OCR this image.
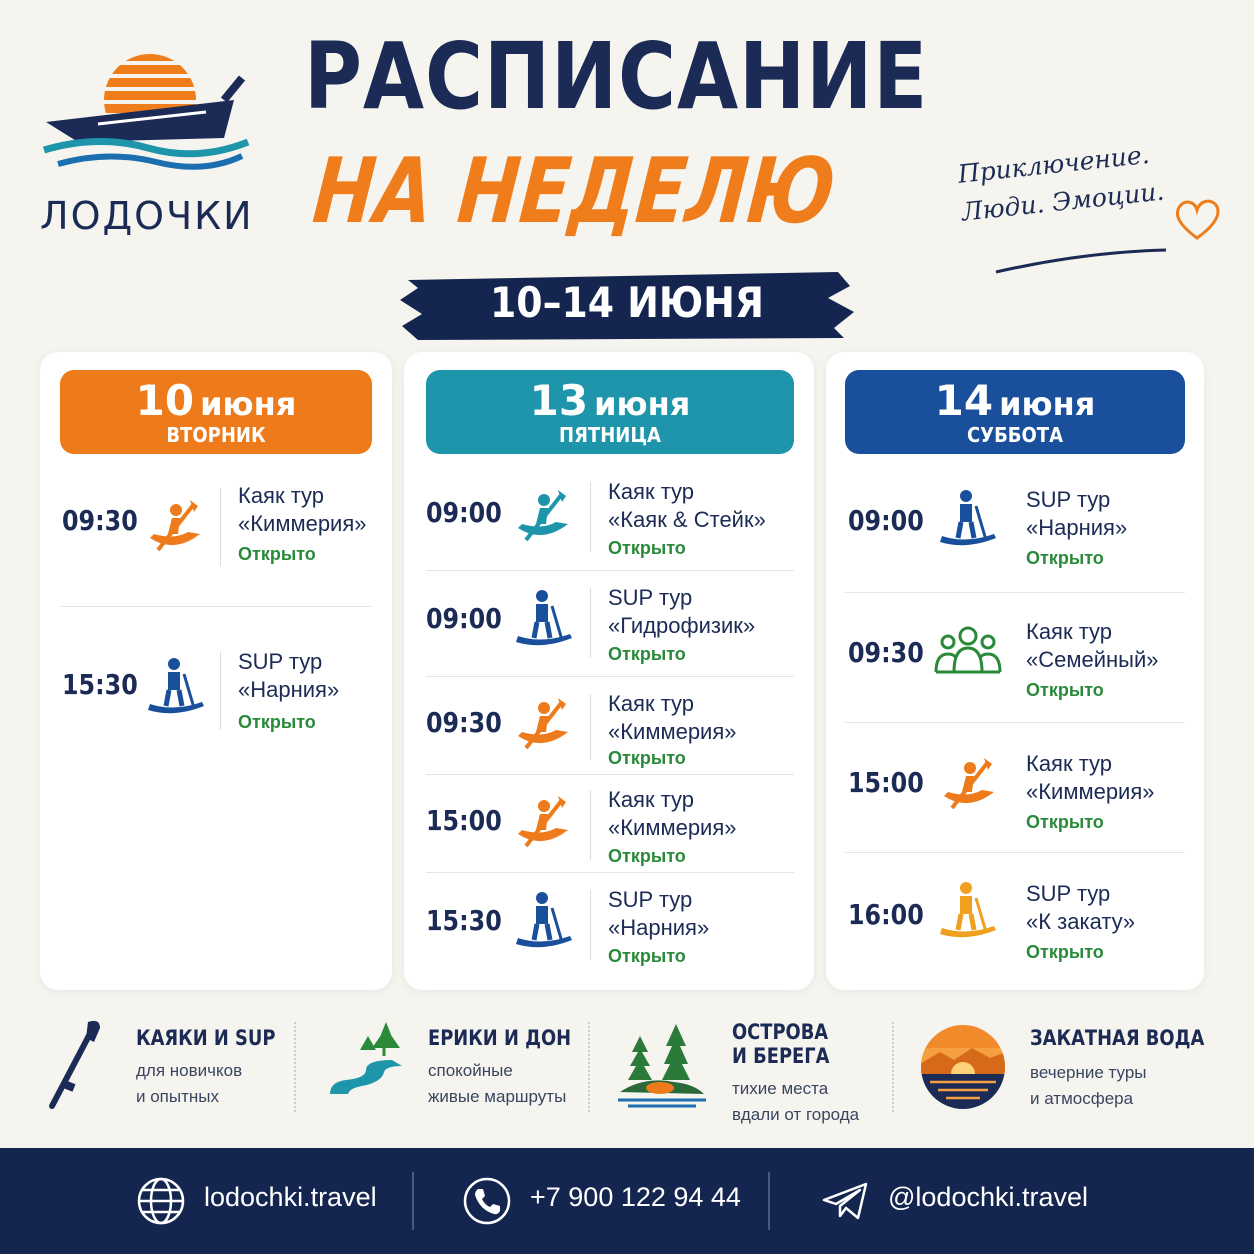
ЛОДОЧКИ
РАСПИСАНИЕ
НА НЕДЕЛЮ
10–14 ИЮНЯ
Приключение.
Люди. Эмоции.
10 июня
ВТОРНИК
09:30
Каяк тур
«Киммерия»
Открыто
15:30
SUP тур
«Нарния»
Открыто
13 июня
ПЯТНИЦА
09:00
Каяк тур
«Каяк & Стейк»
Открыто
09:00
SUP тур
«Гидрофизик»
Открыто
09:30
Каяк тур
«Киммерия»
Открыто
15:00
Каяк тур
«Киммерия»
Открыто
15:30
SUP тур
«Нарния»
Открыто
14 июня
СУББОТА
09:00
SUP тур
«Нарния»
Открыто
09:30
Каяк тур
«Семейный»
Открыто
15:00
Каяк тур
«Киммерия»
Открыто
16:00
SUP тур
«К закату»
Открыто
КАЯКИ И SUP
для новичков
и опытных
ЕРИКИ И ДОН
спокойные
живые маршруты
ОСТРОВА
И БЕРЕГА
тихие места
вдали от города
ЗАКАТНАЯ ВОДА
вечерние туры
и атмосфера
lodochki.travel	+7 900 122 94 44	@lodochki.travel
